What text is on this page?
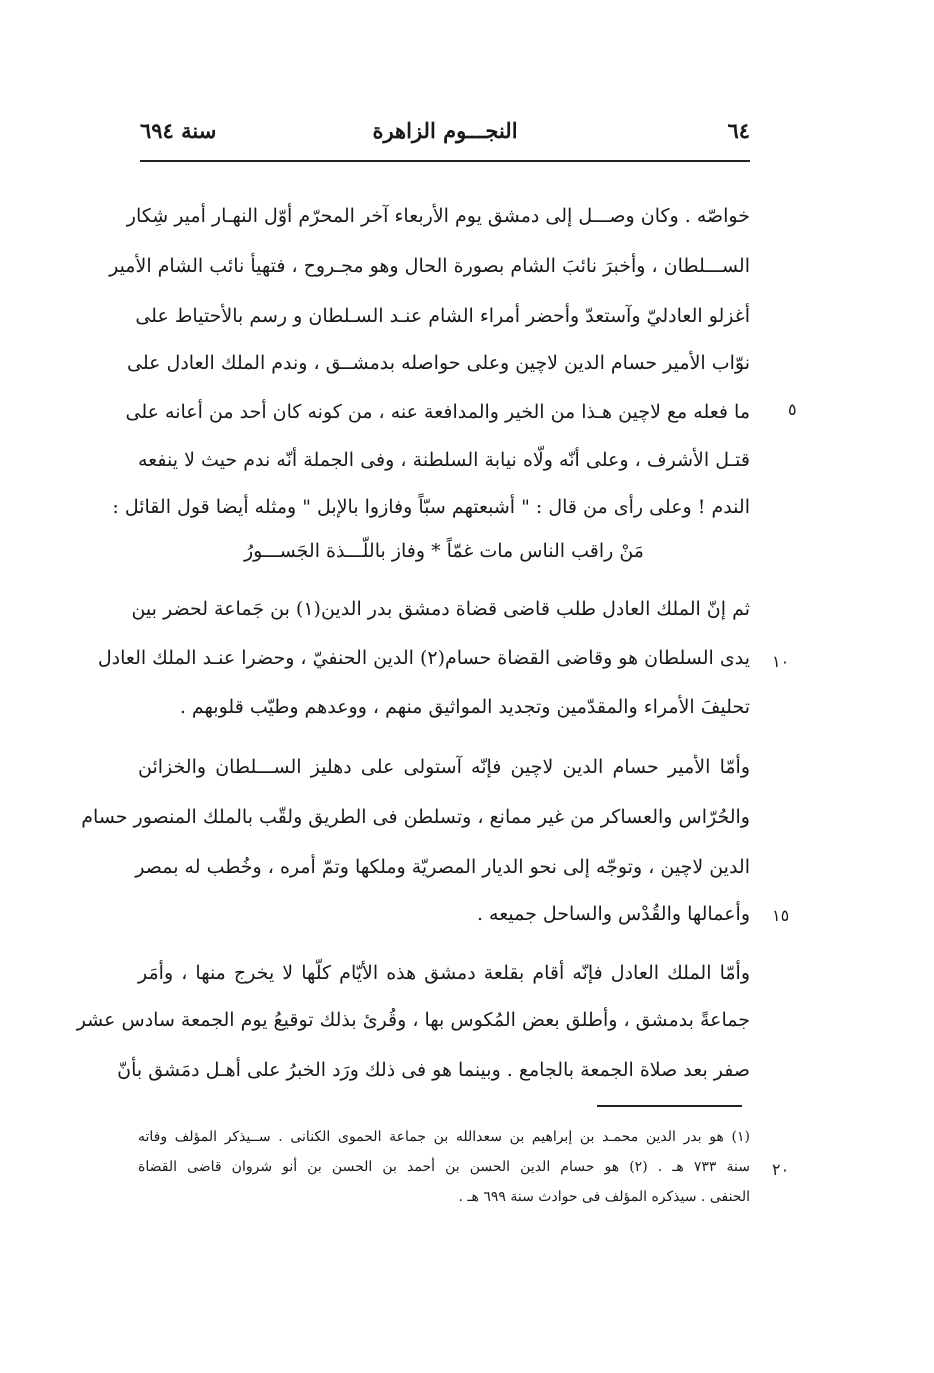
٦٤
النجـــوم الزاهرة
سنة ٦٩٤
خواصّه . وكان وصـــل إلى دمشق يوم الأربعاء آخر المحرّم أوّل النهـار أمير شِكار
الســـلطان ، وأخبرَ نائبَ الشام بصورة الحال وهو مجـروح ، فتهيأ نائب الشام الأمير
أغزلو العادليّ وآستعدّ وأحضر أمراء الشام عنـد السـلطان و رسم بالأحتياط على
نوّاب الأمير حسام الدين لاچين وعلى حواصله بدمشــق ، وندم الملك العادل على
ما فعله مع لاچين هـذا من الخير والمدافعة عنه ، من كونه كان أحد من أعانه على
قتـل الأشرف ، وعلى أنّه ولّاه نيابة السلطنة ، وفى الجملة أنّه ندم حيث لا ينفعه
الندم ! وعلى رأى من قال : " أشبعتهم سبّاً وفازوا بالإبل " ومثله أيضا قول القائل :
مَنْ راقب الناس مات غمّاً * وفاز باللّـــذة الجَســـورُ
ثم إنّ الملك العادل طلب قاضى قضاة دمشق بدر الدين(١) بن جَماعة لحضر بين
يدى السلطان هو وقاضى القضاة حسام(٢) الدين الحنفيّ ، وحضرا عنـد الملك العادل
تحليفَ الأمراء والمقدّمين وتجديد المواثيق منهم ، ووعدهم وطيّب قلوبهم .
وأمّا الأمير حسام الدين لاچين فإنّه آستولى على دهليز الســـلطان والخزائن
والحُرّاس والعساكر من غير ممانع ، وتسلطن فى الطريق ولقّب بالملك المنصور حسام
الدين لاچين ، وتوجّه إلى نحو الديار المصريّة وملكها وتمّ أمره ، وخُطب له بمصر
وأعمالها والقُدْس والساحل جميعه .
وأمّا الملك العادل فإنّه أقام بقلعة دمشق هذه الأيّام كلّها لا يخرج منها ، وأمَر
جماعةً بدمشق ، وأطلق بعض المُكوس بها ، وقُرئ بذلك توقيعُ يوم الجمعة سادس عشر
صفر بعد صلاة الجمعة بالجامع . وبينما هو فى ذلك ورَد الخبرُ على أهـل دمَشق بأنّ
٥
١٠
١٥
٢٠
(١) هو بدر الدين محمـد بن إبراهيم بن سعدالله بن جماعة الحموى الكنانى . ســيذكر المؤلف وفاته
سنة ٧٣٣ هـ . (٢) هو حسام الدين الحسن بن أحمد بن الحسن بن أنو شروان قاضى القضاة
الحنفى . سيذكره المؤلف فى حوادث سنة ٦٩٩ هـ .
